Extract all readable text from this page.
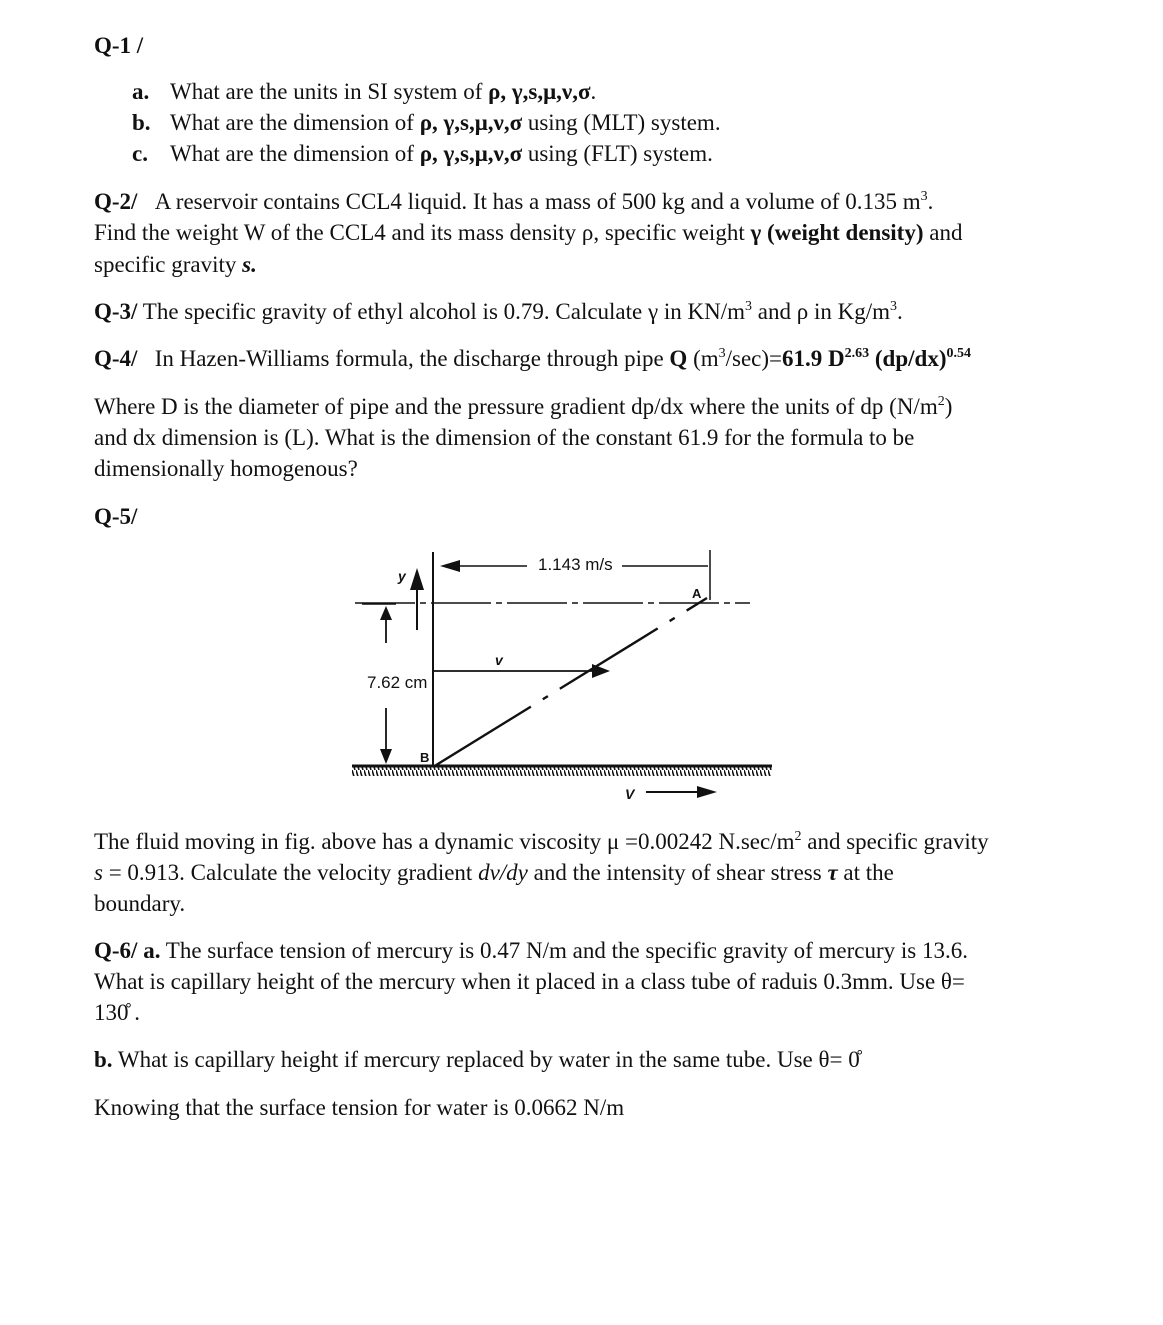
Q-1 /
a. What are the units in SI system of ρ, γ,s,μ,ν,σ.
b. What are the dimension of ρ, γ,s,μ,ν,σ using (MLT) system.
c. What are the dimension of ρ, γ,s,μ,ν,σ using (FLT) system.
Q-2/ A reservoir contains CCL4 liquid. It has a mass of 500 kg and a volume of 0.135 $m^3$.
Find the weight W of the CCL4 and its mass density ρ, specific weight γ (weight density) and
specific gravity s.
Q-3/ The specific gravity of ethyl alcohol is 0.79. Calculate γ in $KN/m^3$ and ρ in $Kg/m^3$.
Q-4/ In Hazen-Williams formula, the discharge through pipe Q $(m^3/\sec)=61.9$ $D^{2.63}$ $(dp/dx)^{0.54}$
Where D is the diameter of pipe and the pressure gradient dp/dx where the units of dp $(N/m^2)$
and dx dimension is (L). What is the dimension of the constant 61.9 for the formula to be
dimensionally homogenous?
Q-5/
1.143 m/s
7.62 cm
y
v
A
B
V
The fluid moving in fig. above has a dynamic viscosity μ =0.00242 $N.\sec/m^2$ and specific gravity
s = 0.913. Calculate the velocity gradient dv/dy and the intensity of shear stress τ at the
boundary.
Q-6/ a. The surface tension of mercury is 0.47 N/m and the specific gravity of mercury is 13.6.
What is capillary height of the mercury when it placed in a class tube of raduis 0.3mm. Use θ=
130̊ .
b. What is capillary height if mercury replaced by water in the same tube. Use θ= 0̊
Knowing that the surface tension for water is 0.0662 N/m
